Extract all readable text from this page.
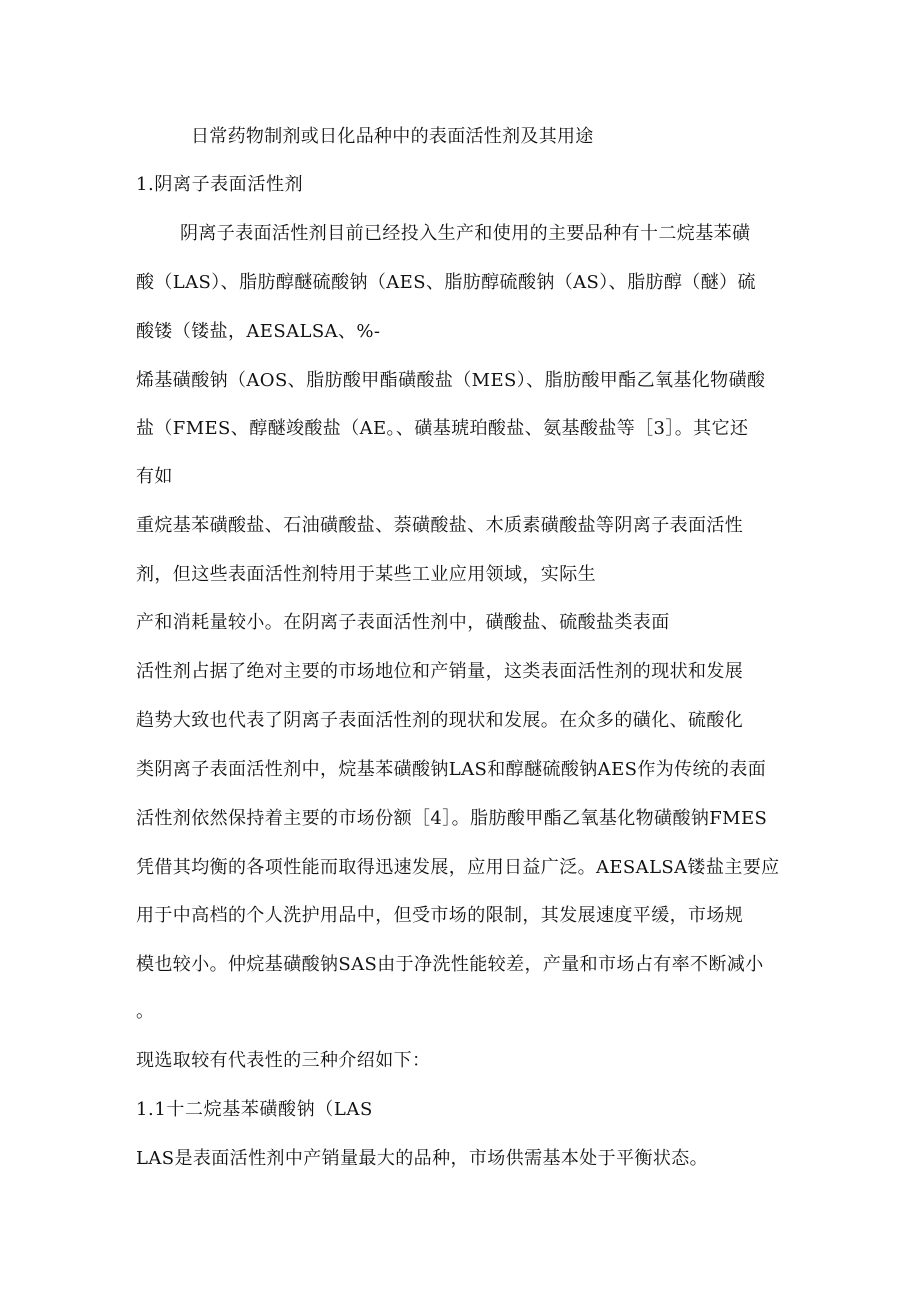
日常药物制剂或日化品种中的表面活性剂及其用途
1.阴离子表面活性剂
阴离子表面活性剂目前已经投入生产和使用的主要品种有十二烷基苯磺
酸（LAS）、脂肪醇醚硫酸钠（AES、脂肪醇硫酸钠（AS）、脂肪醇（醚）硫
酸镂（镂盐，AESALSA、%-
烯基磺酸钠（AOS、脂肪酸甲酯磺酸盐（MES）、脂肪酸甲酯乙氧基化物磺酸
盐（FMES、醇醚竣酸盐（AE。、磺基琥珀酸盐、氨基酸盐等［3］。其它还
有如
重烷基苯磺酸盐、石油磺酸盐、萘磺酸盐、木质素磺酸盐等阴离子表面活性
剂，但这些表面活性剂特用于某些工业应用领域，实际生
产和消耗量较小。在阴离子表面活性剂中，磺酸盐、硫酸盐类表面
活性剂占据了绝对主要的市场地位和产销量，这类表面活性剂的现状和发展
趋势大致也代表了阴离子表面活性剂的现状和发展。在众多的磺化、硫酸化
类阴离子表面活性剂中，烷基苯磺酸钠LAS和醇醚硫酸钠AES作为传统的表面
活性剂依然保持着主要的市场份额［4］。脂肪酸甲酯乙氧基化物磺酸钠FMES
凭借其均衡的各项性能而取得迅速发展，应用日益广泛。AESALSA镂盐主要应
用于中高档的个人洗护用品中，但受市场的限制，其发展速度平缓，市场规
模也较小。仲烷基磺酸钠SAS由于净洗性能较差，产量和市场占有率不断减小
。
现选取较有代表性的三种介绍如下：
1.1十二烷基苯磺酸钠（LAS
LAS是表面活性剂中产销量最大的品种，市场供需基本处于平衡状态。
